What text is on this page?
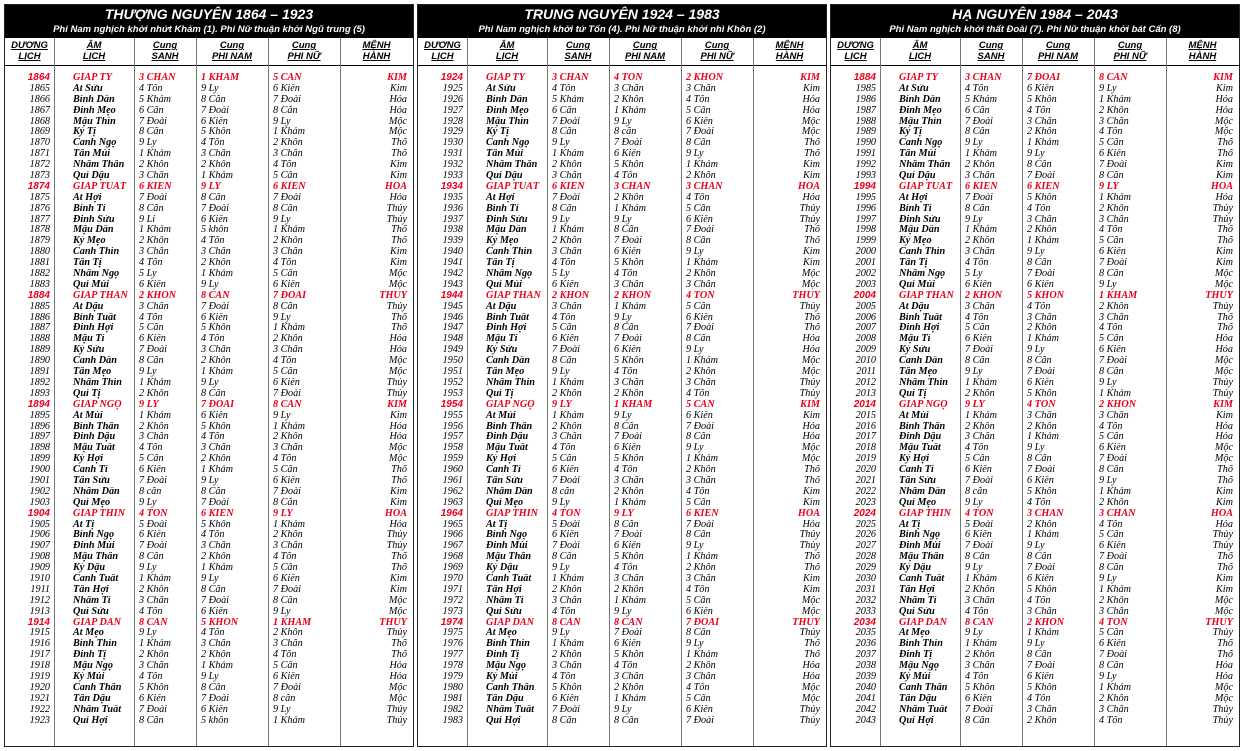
THƯỢNG NGUYÊN 1864 – 1923
Phi Nam nghịch khởi nhứt Khảm (1). Phi Nữ thuận khởi Ngũ trung (5)
DƯƠNG
LỊCH
ÂM
LỊCH
Cung
SANH
Cung
PHI NAM
Cung
PHI NỮ
MỆNH
HÀNH
1864	GIÁP TÝ	3 CHẤN	1 KHẢM	5 CẤN	KIM
1865	Ất Sửu	4 Tốn	9 Ly	6 Kiền	Kim
1866	Bính Dần	5 Khảm	8 Cấn	7 Đoài	Hỏa
1867	Đinh Mẹo	6 Cấn	7 Đoài	8 Cấn	Hỏa
1868	Mậu Thìn	7 Đoài	6 Kiền	9 Ly	Mộc
1869	Kỷ Tị	8 Cấn	5 Khôn	1 Khảm	Mộc
1870	Canh Ngọ	9 Ly	4 Tốn	2 Khôn	Thổ
1871	Tân Mùi	1 Khảm	3 Chấn	3 Chấn	Thổ
1872	Nhâm Thân	2 Khôn	2 Khôn	4 Tốn	Kim
1873	Quí Dậu	3 Chấn	1 Khảm	5 Cấn	Kim
1874	GIÁP TUẤT	6 KIỀN	9 LY	6 KIỀN	HỎA
1875	Ất Hợi	7 Đoài	8 Cấn	7 Đoài	Hỏa
1876	Bính Tí	8 Cấn	7 Đoài	8 Cấn	Thủy
1877	Đinh Sửu	9 Li	6 Kiền	9 Ly	Thủy
1878	Mậu Dần	1 Khảm	5 khôn	1 Khảm	Thổ
1879	Kỷ Mẹo	2 Khôn	4 Tốn	2 Khôn	Thổ
1880	Canh Thìn	3 Chấn	3 Chấn	3 Chấn	Kim
1881	Tân Tị	4 Tốn	2 Khôn	4 Tốn	Kim
1882	Nhâm Ngọ	5 Ly	1 Khảm	5 Cấn	Mộc
1883	Quí Mùi	6 Kiền	9 Ly	6 Kiền	Mộc
1884	GIÁP THÂN	2 KHÔN	8 CẤN	7 ĐOÀI	THỦY
1885	Ất Dậu	3 Chấn	7 Đoài	8 Cấn	Thủy
1886	Bính Tuất	4 Tốn	6 Kiền	9 Ly	Thổ
1887	Đinh Hợi	5 Cấn	5 Khôn	1 Khảm	Thổ
1888	Mậu Tí	6 Kiền	4 Tốn	2 Khôn	Hỏa
1889	Kỷ Sửu	7 Đoài	3 Chấn	3 Chấn	Hỏa
1890	Canh Dần	8 Cấn	2 Khôn	4 Tốn	Mộc
1891	Tân Mẹo	9 Ly	1 Khảm	5 Cấn	Mộc
1892	Nhâm Thìn	1 Khảm	9 Ly	6 Kiền	Thủy
1893	Quí Tị	2 Khôn	8 Cấn	7 Đoài	Thủy
1894	GIÁP NGỌ	9 LY	7 ĐOÀI	8 CẤN	KIM
1895	Ất Mùi	1 Khảm	6 Kiền	9 Ly	Kim
1896	Bính Thân	2 Khôn	5 Khôn	1 Khảm	Hỏa
1897	Đinh Dậu	3 Chấn	4 Tốn	2 Khôn	Hỏa
1898	Mậu Tuất	4 Tốn	3 Chấn	3 Chấn	Mộc
1899	Kỷ Hợi	5 Cấn	2 Khôn	4 Tốn	Mộc
1900	Canh Tí	6 Kiền	1 Khảm	5 Cấn	Thổ
1901	Tân Sửu	7 Đoài	9 Ly	6 Kiền	Thổ
1902	Nhâm Dần	8 cấn	8 Cấn	7 Đoài	Kim
1903	Quí Mẹo	9 Ly	7 Đoài	8 Cấn	Kim
1904	GIÁP THÌN	4 TỐN	6 KIỀN	9 LY	HỎA
1905	Ất Tị	5 Đoài	5 Khôn	1 Khảm	Hỏa
1906	Bính Ngọ	6 Kiền	4 Tốn	2 Khôn	Thủy
1907	Đinh Mùi	7 Đoài	3 Chấn	3 Chấn	Thủy
1908	Mậu Thân	8 Cấn	2 Khôn	4 Tốn	Thổ
1909	Kỷ Dậu	9 Ly	1 Khảm	5 Cấn	Thổ
1910	Canh Tuất	1 Khảm	9 Ly	6 Kiền	Kim
1911	Tân Hợi	2 Khôn	8 Cấn	7 Đoài	Kim
1912	Nhâm Tí	3 Chấn	7 Đoài	8 Cấn	Mộc
1913	Quí Sửu	4 Tốn	6 Kiền	9 Ly	Mộc
1914	GIÁP DẦN	8 CẤN	5 KHÔN	1 KHẢM	THỦY
1915	Ất Mẹo	9 Ly	4 Tốn	2 Khôn	Thủy
1916	Bính Thìn	1 Khảm	3 Chấn	3 Chấn	Thổ
1917	Đinh Tị	2 Khôn	2 Khôn	4 Tốn	Thổ
1918	Mậu Ngọ	3 Chấn	1 Khảm	5 Cấn	Hỏa
1919	Kỷ Mùi	4 Tốn	9 Ly	6 Kiền	Hỏa
1920	Canh Thân	5 Khôn	8 Cấn	7 Đoài	Mộc
1921	Tân Dậu	6 Kiền	7 Đoài	8 cấn	Mộc
1922	Nhâm Tuất	7 Đoài	6 Kiền	9 Ly	Thủy
1923	Quí Hợi	8 Cấn	5 khôn	1 Khảm	Thủy
TRUNG NGUYÊN 1924 – 1983
Phi Nam nghịch khởi tứ Tốn (4). Phi Nữ thuận khởi nhì Khôn (2)
DƯƠNG
LỊCH
ÂM
LỊCH
Cung
SANH
Cung
PHI NAM
Cung
PHI NỮ
MỆNH
HÀNH
1924	GIÁP TÝ	3 CHẤN	4 TỐN	2 KHÔN	KIM
1925	Ất Sửu	4 Tốn	3 Chấn	3 Chấn	Kim
1926	Bính Dần	5 Khảm	2 Khôn	4 Tốn	Hỏa
1927	Đinh Mẹo	6 Cấn	1 Khảm	5 Cấn	Hỏa
1928	Mậu Thìn	7 Đoài	9 Ly	6 Kiền	Mộc
1929	Kỷ Tị	8 Cấn	8 cấn	7 Đoài	Mộc
1930	Canh Ngọ	9 Ly	7 Đoài	8 Cấn	Thổ
1931	Tân Mùi	1 Khảm	6 Kiền	9 Ly	Thổ
1932	Nhâm Thân	2 Khôn	5 Khôn	1 Khảm	Kim
1933	Quí Dậu	3 Chấn	4 Tốn	2 Khôn	Kim
1934	GIÁP TUẤT	6 KIỀN	3 CHẤN	3 CHẤN	HỎA
1935	Ất Hợi	7 Đoài	2 Khôn	4 Tốn	Hỏa
1936	Bính Tí	8 Cấn	1 Khảm	5 Cấn	Thủy
1937	Đinh Sửu	9 Ly	9 Ly	6 Kiền	Thủy
1938	Mậu Dần	1 Khảm	8 Cấn	7 Đoài	Thổ
1939	Kỷ Mẹo	2 Khôn	7 Đoài	8 Cấn	Thổ
1940	Canh Thìn	3 Chấn	6 Kiền	9 Ly	Kim
1941	Tân Tị	4 Tốn	5 Khôn	1 Khảm	Kim
1942	Nhâm Ngọ	5 Ly	4 Tốn	2 Khôn	Mộc
1943	Quí Mùi	6 Kiền	3 Chấn	3 Chấn	Mộc
1944	GIÁP THÂN	2 KHÔN	2 KHÔN	4 TỐN	THỦY
1945	Ất Dậu	3 Chấn	1 Khảm	5 Cấn	Thủy
1946	Bính Tuất	4 Tốn	9 Ly	6 Kiền	Thổ
1947	Đinh Hợi	5 Cấn	8 Cấn	7 Đoài	Thổ
1948	Mậu Tí	6 Kiền	7 Đoài	8 Cấn	Hỏa
1949	Kỷ Sửu	7 Đoài	6 Kiền	9 Ly	Hỏa
1950	Canh Dần	8 Cấn	5 Khôn	1 Khảm	Mộc
1951	Tân Mẹo	9 Ly	4 Tốn	2 Khôn	Mộc
1952	Nhâm Thìn	1 Khảm	3 Chấn	3 Chấn	Thủy
1953	Quí Tị	2 Khôn	2 Khôn	4 Tốn	Thủy
1954	GIÁP NGỌ	9 LY	1 KHẢM	5 CẤN	KIM
1955	Ất Mùi	1 Khảm	9 Ly	6 Kiền	Kim
1956	Bính Thân	2 Khôn	8 Cấn	7 Đoài	Hỏa
1957	Đinh Dậu	3 Chấn	7 Đoài	8 Cấn	Hỏa
1958	Mậu Tuất	4 Tốn	6 Kiền	9 Ly	Mộc
1959	Kỷ Hợi	5 Cấn	5 Khôn	1 Khảm	Mộc
1960	Canh Tí	6 Kiền	4 Tốn	2 Khôn	Thổ
1961	Tân Sửu	7 Đoài	3 Chấn	3 Chấn	Thổ
1962	Nhâm Dần	8 cấn	2 Khôn	4 Tốn	Kim
1963	Quí Mẹo	9 Ly	1 Khảm	5 Cấn	Kim
1964	GIÁP THÌN	4 TỐN	9 LY	6 KIỀN	HỎA
1965	Ất Tị	5 Đoài	8 Cấn	7 Đoài	Hỏa
1966	Bính Ngọ	6 Kiền	7 Đoài	8 Cấn	Thủy
1967	Đinh Mùi	7 Đoài	6 Kiền	9 Ly	Thủy
1968	Mậu Thân	8 Cấn	5 Khôn	1 Khảm	Thổ
1969	Kỷ Dậu	9 Ly	4 Tốn	2 Khôn	Thổ
1970	Canh Tuất	1 Khảm	3 Chấn	3 Chấn	Kim
1971	Tân Hợi	2 Khôn	2 Khôn	4 Tốn	Kim
1972	Nhâm Tí	3 Chấn	1 Khảm	5 Cấn	Mộc
1973	Quí Sửu	4 Tốn	9 Ly	6 Kiền	Mộc
1974	GIÁP DẦN	8 CẤN	8 CẤN	7 ĐOÀI	THỦY
1975	Ất Mẹo	9 Ly	7 Đoài	8 Cấn	Thủy
1976	Bính Thìn	1 Khảm	6 Kiền	9 Ly	Thổ
1977	Đinh Tị	2 Khôn	5 Khôn	1 Khảm	Thổ
1978	Mậu Ngọ	3 Chấn	4 Tốn	2 Khôn	Hỏa
1979	Kỷ Mùi	4 Tốn	3 Chấn	3 Chấn	Hỏa
1980	Canh Thân	5 Khôn	2 Khôn	4 Tốn	Mộc
1981	Tân Dậu	6 Kiền	1 Khảm	5 Cấn	Mộc
1982	Nhâm Tuất	7 Đoài	9 Ly	6 Kiền	Thủy
1983	Quí Hợi	8 Cấn	8 Cấn	7 Đoài	Thủy
HẠ NGUYÊN 1984 – 2043
Phi Nam nghịch khởi thất Đoài (7). Phi Nữ thuận khởi bát Cấn (8)
DƯƠNG
LỊCH
ÂM
LỊCH
Cung
SANH
Cung
PHI NAM
Cung
PHI NỮ
MỆNH
HÀNH
1884	GIÁP TÝ	3 CHẤN	7 ĐOÀI	8 CẤN	KIM
1985	Ất Sửu	4 Tốn	6 Kiền	9 Ly	Kim
1986	Bính Dần	5 Khảm	5 Khôn	1 Khảm	Hỏa
1987	Đinh Mẹo	6 Cấn	4 Tốn	2 Khôn	Hỏa
1988	Mậu Thìn	7 Đoài	3 Chấn	3 Chấn	Mộc
1989	Kỷ Tị	8 Cấn	2 Khôn	4 Tốn	Mộc
1990	Canh Ngọ	9 Ly	1 Khảm	5 Cấn	Thổ
1991	Tân Mùi	1 Khảm	9 Ly	6 Kiền	Thổ
1992	Nhâm Thân	2 Khôn	8 Cấn	7 Đoài	Kim
1993	Quí Dậu	3 Chấn	7 Đoài	8 Cấn	Kim
1994	GIÁP TUẤT	6 KIỀN	6 KIỀN	9 LY	HỎA
1995	Ất Hợi	7 Đoài	5 Khôn	1 Khảm	Hỏa
1996	Bính Tí	8 Cấn	4 Tốn	2 Khôn	Thủy
1997	Đinh Sửu	9 Ly	3 Chấn	3 Chấn	Thủy
1998	Mậu Dần	1 Khảm	2 Khôn	4 Tốn	Thổ
1999	Kỷ Mẹo	2 Khôn	1 Khảm	5 Cấn	Thổ
2000	Canh Thìn	3 Chấn	9 Ly	6 Kiền	Kim
2001	Tân Tị	4 Tốn	8 Cấn	7 Đoài	Kim
2002	Nhâm Ngọ	5 Ly	7 Đoài	8 Cấn	Mộc
2003	Quí Mùi	6 Kiền	6 Kiền	9 Ly	Mộc
2004	GIÁP THÂN	2 KHÔN	5 KHÔN	1 KHẢM	THỦY
2005	Ất Dậu	3 Chấn	4 Tốn	2 Khôn	Thủy
2006	Bính Tuất	4 Tốn	3 Chấn	3 Chấn	Thổ
2007	Đinh Hợi	5 Cấn	2 Khôn	4 Tốn	Thổ
2008	Mậu Tí	6 Kiền	1 Khảm	5 Cấn	Hỏa
2009	Kỷ Sửu	7 Đoài	9 Ly	6 Kiền	Hỏa
2010	Canh Dần	8 Cấn	8 Cấn	7 Đoài	Mộc
2011	Tân Mẹo	9 Ly	7 Đoài	8 Cấn	Mộc
2012	Nhâm Thìn	1 Khảm	6 Kiền	9 Ly	Thủy
2013	Quí Tị	2 Khôn	5 Khôn	1 Khảm	Thủy
2014	GIÁP NGỌ	9 LY	4 TỐN	2 KHÔN	KIM
2015	Ất Mùi	1 Khảm	3 Chấn	3 Chấn	Kim
2016	Bính Thân	2 Khôn	2 Khôn	4 Tốn	Hỏa
2017	Đinh Dậu	3 Chấn	1 Khảm	5 Cấn	Hỏa
2018	Mậu Tuất	4 Tốn	9 Ly	6 Kiền	Mộc
2019	Kỷ Hợi	5 Cấn	8 Cấn	7 Đoài	Mộc
2020	Canh Tí	6 Kiền	7 Đoài	8 Cấn	Thổ
2021	Tân Sửu	7 Đoài	6 Kiền	9 Ly	Thổ
2022	Nhâm Dần	8 cấn	5 Khôn	1 Khảm	Kim
2023	Quí Mẹo	9 Ly	4 Tốn	2 Khôn	Kim
2024	GIÁP THÌN	4 TỐN	3 CHẤN	3 CHẤN	HỎA
2025	Ất Tị	5 Đoài	2 Khôn	4 Tốn	Hỏa
2026	Bính Ngọ	6 Kiền	1 Khảm	5 Cấn	Thủy
2027	Đinh Mùi	7 Đoài	9 Ly	6 Kiền	Thủy
2028	Mậu Thân	8 Cấn	8 Cấn	7 Đoài	Thổ
2029	Kỷ Dậu	9 Ly	7 Đoài	8 Cấn	Thổ
2030	Canh Tuất	1 Khảm	6 Kiền	9 Ly	Kim
2031	Tân Hợi	2 Khôn	5 Khôn	1 Khảm	Kim
2032	Nhâm Tí	3 Chấn	4 Tốn	2 Khôn	Mộc
2033	Quí Sửu	4 Tốn	3 Chấn	3 Chấn	Mộc
2034	GIÁP DẦN	8 CẤN	2 KHÔN	4 TỐN	THỦY
2035	Ất Mẹo	9 Ly	1 Khảm	5 Cấn	Thủy
2036	Bính Thìn	1 Khảm	9 Ly	6 Kiền	Thổ
2037	Đinh Tị	2 Khôn	8 Cấn	7 Đoài	Thổ
2038	Mậu Ngọ	3 Chấn	7 Đoài	8 Cấn	Hỏa
2039	Kỷ Mùi	4 Tốn	6 Kiền	9 Ly	Hỏa
2040	Canh Thân	5 Khôn	5 Khôn	1 Khảm	Mộc
2041	Tân Dậu	6 Kiền	4 Tốn	2 Khôn	Mộc
2042	Nhâm Tuất	7 Đoài	3 Chấn	3 Chấn	Thủy
2043	Quí Hợi	8 Cấn	2 Khôn	4 Tốn	Thủy
